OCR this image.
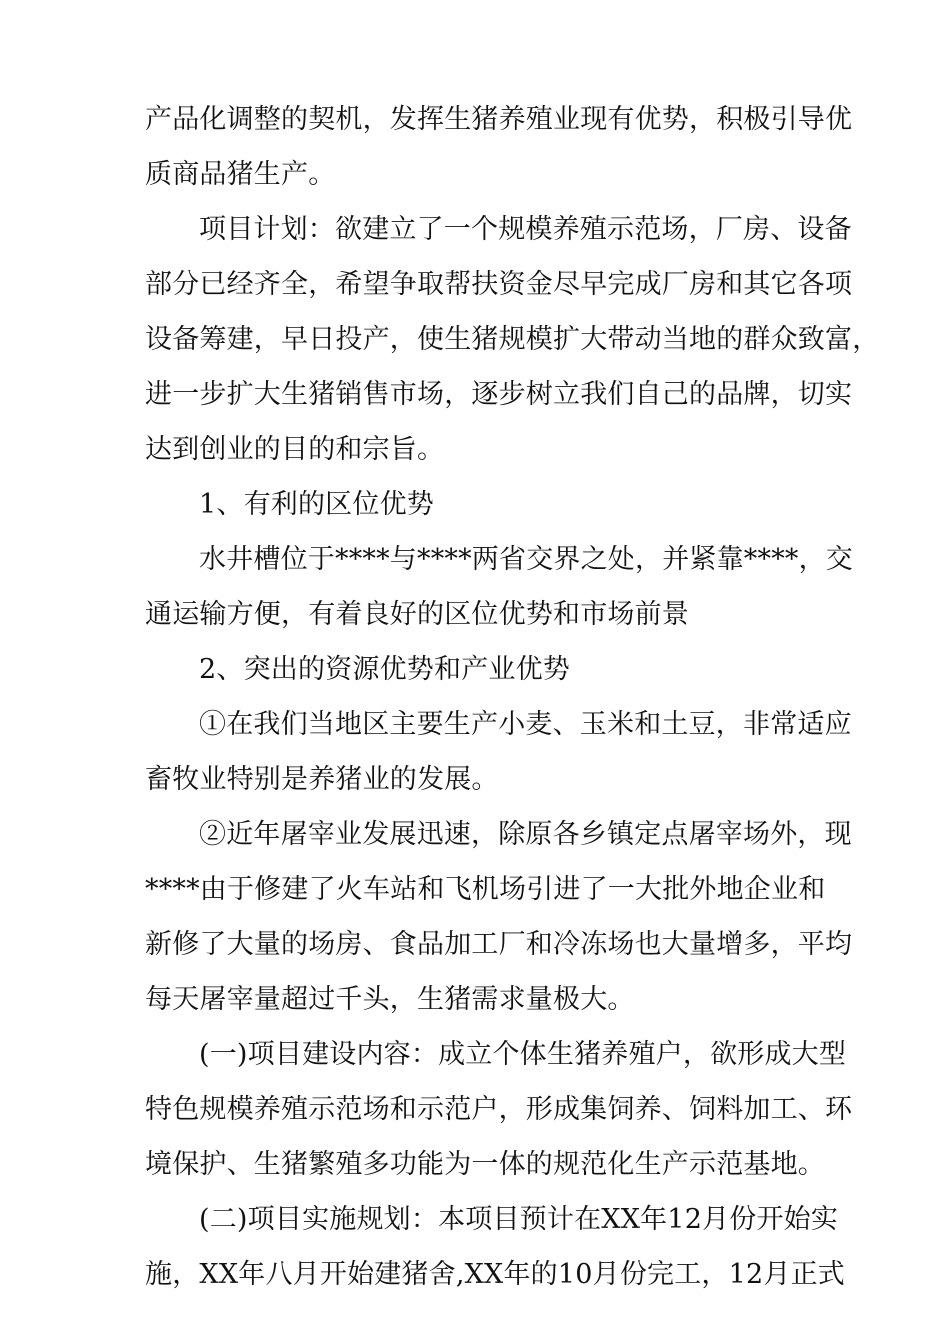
产品化调整的契机，发挥生猪养殖业现有优势，积极引导优
质商品猪生产。
项目计划：欲建立了一个规模养殖示范场，厂房、设备
部分已经齐全，希望争取帮扶资金尽早完成厂房和其它各项
设备筹建，早日投产，使生猪规模扩大带动当地的群众致富，
进一步扩大生猪销售市场，逐步树立我们自己的品牌，切实
达到创业的目的和宗旨。
1、有利的区位优势
水井槽位于****与****两省交界之处，并紧靠****，交
通运输方便，有着良好的区位优势和市场前景
2、突出的资源优势和产业优势
①在我们当地区主要生产小麦、玉米和土豆，非常适应
畜牧业特别是养猪业的发展。
②近年屠宰业发展迅速，除原各乡镇定点屠宰场外，现
****由于修建了火车站和飞机场引进了一大批外地企业和
新修了大量的场房、食品加工厂和冷冻场也大量增多，平均
每天屠宰量超过千头，生猪需求量极大。
(一)项目建设内容：成立个体生猪养殖户，欲形成大型
特色规模养殖示范场和示范户，形成集饲养、饲料加工、环
境保护、生猪繁殖多功能为一体的规范化生产示范基地。
(二)项目实施规划：本项目预计在XX年12月份开始实
施，XX年八月开始建猪舍,XX年的10月份完工，12月正式
